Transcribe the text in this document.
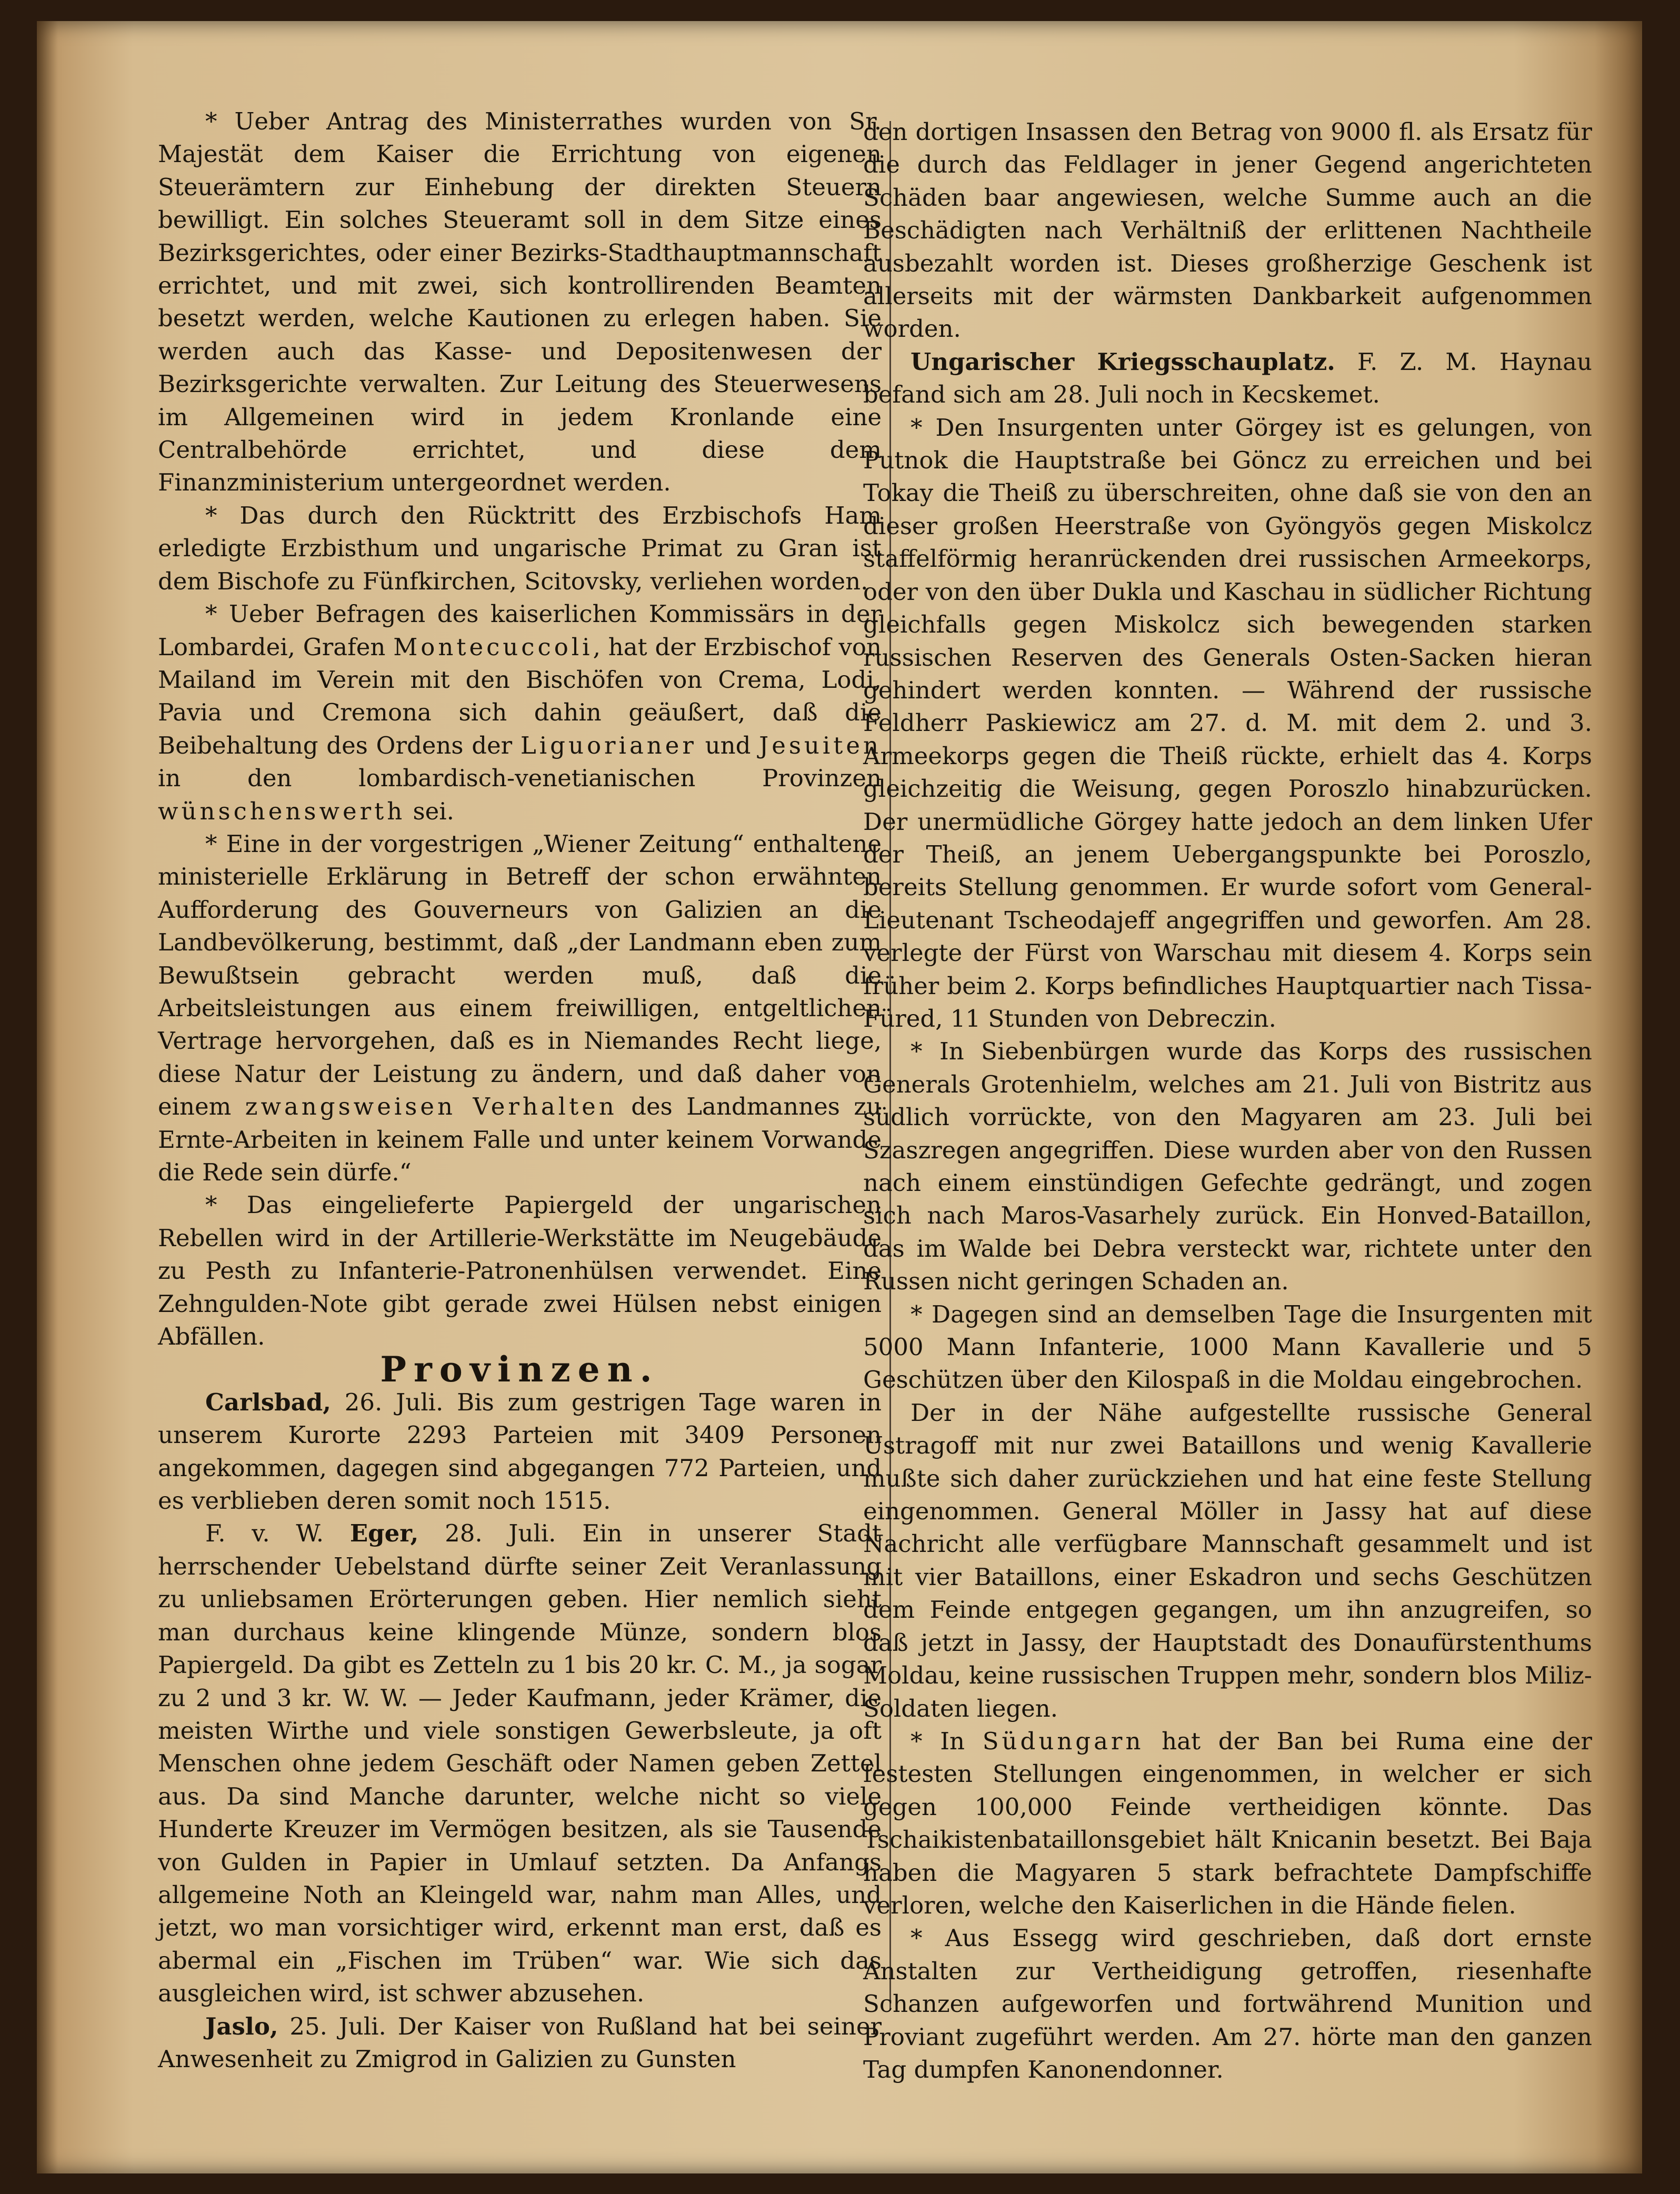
* Ueber Antrag des Ministerrathes wurden von Sr. Majestät dem Kaiser die Errichtung von eigenen Steuerämtern zur Einhebung der direkten Steuern bewilligt. Ein solches Steueramt soll in dem Sitze eines Bezirksgerichtes, oder einer Bezirks-Stadthauptmannschaft errichtet, und mit zwei, sich kontrollirenden Beamten besetzt werden, welche Kautionen zu erlegen haben. Sie werden auch das Kasse- und Depositenwesen der Bezirksgerichte verwalten. Zur Leitung des Steuerwesens im Allgemeinen wird in jedem Kronlande eine Centralbehörde errichtet, und diese dem Finanzministerium untergeordnet werden.

* Das durch den Rücktritt des Erzbischofs Ham erledigte Erzbisthum und ungarische Primat zu Gran ist dem Bischofe zu Fünfkirchen, Scitovsky, verliehen worden.

* Ueber Befragen des kaiserlichen Kommissärs in der Lombardei, Grafen Montecuccoli, hat der Erzbischof von Mailand im Verein mit den Bischöfen von Crema, Lodi, Pavia und Cremona sich dahin geäußert, daß die Beibehaltung des Ordens der Liguorianer und Jesuiten in den lombardisch-venetianischen Provinzen wünschenswerth sei.

* Eine in der vorgestrigen „Wiener Zeitung“ enthaltene ministerielle Erklärung in Betreff der schon erwähnten Aufforderung des Gouverneurs von Galizien an die Landbevölkerung, bestimmt, daß „der Landmann eben zum Bewußtsein gebracht werden muß, daß die Arbeitsleistungen aus einem freiwilligen, entgeltlichen Vertrage hervorgehen, daß es in Niemandes Recht liege, diese Natur der Leistung zu ändern, und daß daher von einem zwangsweisen Verhalten des Landmannes zu Ernte-Arbeiten in keinem Falle und unter keinem Vorwande die Rede sein dürfe.“

* Das eingelieferte Papiergeld der ungarischen Rebellen wird in der Artillerie-Werkstätte im Neugebäude zu Pesth zu Infanterie-Patronenhülsen verwendet. Eine Zehngulden-Note gibt gerade zwei Hülsen nebst einigen Abfällen.

Provinzen.

Carlsbad, 26. Juli. Bis zum gestrigen Tage waren in unserem Kurorte 2293 Parteien mit 3409 Personen angekommen, dagegen sind abgegangen 772 Parteien, und es verblieben deren somit noch 1515.

F. v. W. Eger, 28. Juli. Ein in unserer Stadt herrschender Uebelstand dürfte seiner Zeit Veranlassung zu unliebsamen Erörterungen geben. Hier nemlich sieht man durchaus keine klingende Münze, sondern blos Papiergeld. Da gibt es Zetteln zu 1 bis 20 kr. C. M., ja sogar zu 2 und 3 kr. W. W. — Jeder Kaufmann, jeder Krämer, die meisten Wirthe und viele sonstigen Gewerbsleute, ja oft Menschen ohne jedem Geschäft oder Namen geben Zettel aus. Da sind Manche darunter, welche nicht so viele Hunderte Kreuzer im Vermögen besitzen, als sie Tausende von Gulden in Papier in Umlauf setzten. Da Anfangs allgemeine Noth an Kleingeld war, nahm man Alles, und jetzt, wo man vorsichtiger wird, erkennt man erst, daß es abermal ein „Fischen im Trüben“ war. Wie sich das ausgleichen wird, ist schwer abzusehen.

Jaslo, 25. Juli. Der Kaiser von Rußland hat bei seiner Anwesenheit zu Zmigrod in Galizien zu Gunsten

den dortigen Insassen den Betrag von 9000 fl. als Ersatz für die durch das Feldlager in jener Gegend angerichteten Schäden baar angewiesen, welche Summe auch an die Beschädigten nach Verhältniß der erlittenen Nachtheile ausbezahlt worden ist. Dieses großherzige Geschenk ist allerseits mit der wärmsten Dankbarkeit aufgenommen worden.

Ungarischer Kriegsschauplatz. F. Z. M. Haynau befand sich am 28. Juli noch in Kecskemet.

* Den Insurgenten unter Görgey ist es gelungen, von Putnok die Hauptstraße bei Göncz zu erreichen und bei Tokay die Theiß zu überschreiten, ohne daß sie von den an dieser großen Heerstraße von Gyöngyös gegen Miskolcz staffelförmig heranrückenden drei russischen Armeekorps, oder von den über Dukla und Kaschau in südlicher Richtung gleichfalls gegen Miskolcz sich bewegenden starken russischen Reserven des Generals Osten-Sacken hieran gehindert werden konnten. — Während der russische Feldherr Paskiewicz am 27. d. M. mit dem 2. und 3. Armeekorps gegen die Theiß rückte, erhielt das 4. Korps gleichzeitig die Weisung, gegen Poroszlo hinabzurücken. Der unermüdliche Görgey hatte jedoch an dem linken Ufer der Theiß, an jenem Uebergangspunkte bei Poroszlo, bereits Stellung genommen. Er wurde sofort vom General-Lieutenant Tscheodajeff angegriffen und geworfen. Am 28. verlegte der Fürst von Warschau mit diesem 4. Korps sein früher beim 2. Korps befindliches Hauptquartier nach Tissa-Füred, 11 Stunden von Debreczin.

* In Siebenbürgen wurde das Korps des russischen Generals Grotenhielm, welches am 21. Juli von Bistritz aus südlich vorrückte, von den Magyaren am 23. Juli bei Szaszregen angegriffen. Diese wurden aber von den Russen nach einem einstündigen Gefechte gedrängt, und zogen sich nach Maros-Vasarhely zurück. Ein Honved-Bataillon, das im Walde bei Debra versteckt war, richtete unter den Russen nicht geringen Schaden an.

* Dagegen sind an demselben Tage die Insurgenten mit 5000 Mann Infanterie, 1000 Mann Kavallerie und 5 Geschützen über den Kilospaß in die Moldau eingebrochen.

Der in der Nähe aufgestellte russische General Ustragoff mit nur zwei Bataillons und wenig Kavallerie mußte sich daher zurückziehen und hat eine feste Stellung eingenommen. General Möller in Jassy hat auf diese Nachricht alle verfügbare Mannschaft gesammelt und ist mit vier Bataillons, einer Eskadron und sechs Geschützen dem Feinde entgegen gegangen, um ihn anzugreifen, so daß jetzt in Jassy, der Hauptstadt des Donaufürstenthums Moldau, keine russischen Truppen mehr, sondern blos Miliz-Soldaten liegen.

* In Südungarn hat der Ban bei Ruma eine der festesten Stellungen eingenommen, in welcher er sich gegen 100,000 Feinde vertheidigen könnte. Das Tschaikistenbataillonsgebiet hält Knicanin besetzt. Bei Baja haben die Magyaren 5 stark befrachtete Dampfschiffe verloren, welche den Kaiserlichen in die Hände fielen.

* Aus Essegg wird geschrieben, daß dort ernste Anstalten zur Vertheidigung getroffen, riesenhafte Schanzen aufgeworfen und fortwährend Munition und Proviant zugeführt werden. Am 27. hörte man den ganzen Tag dumpfen Kanonendonner.
